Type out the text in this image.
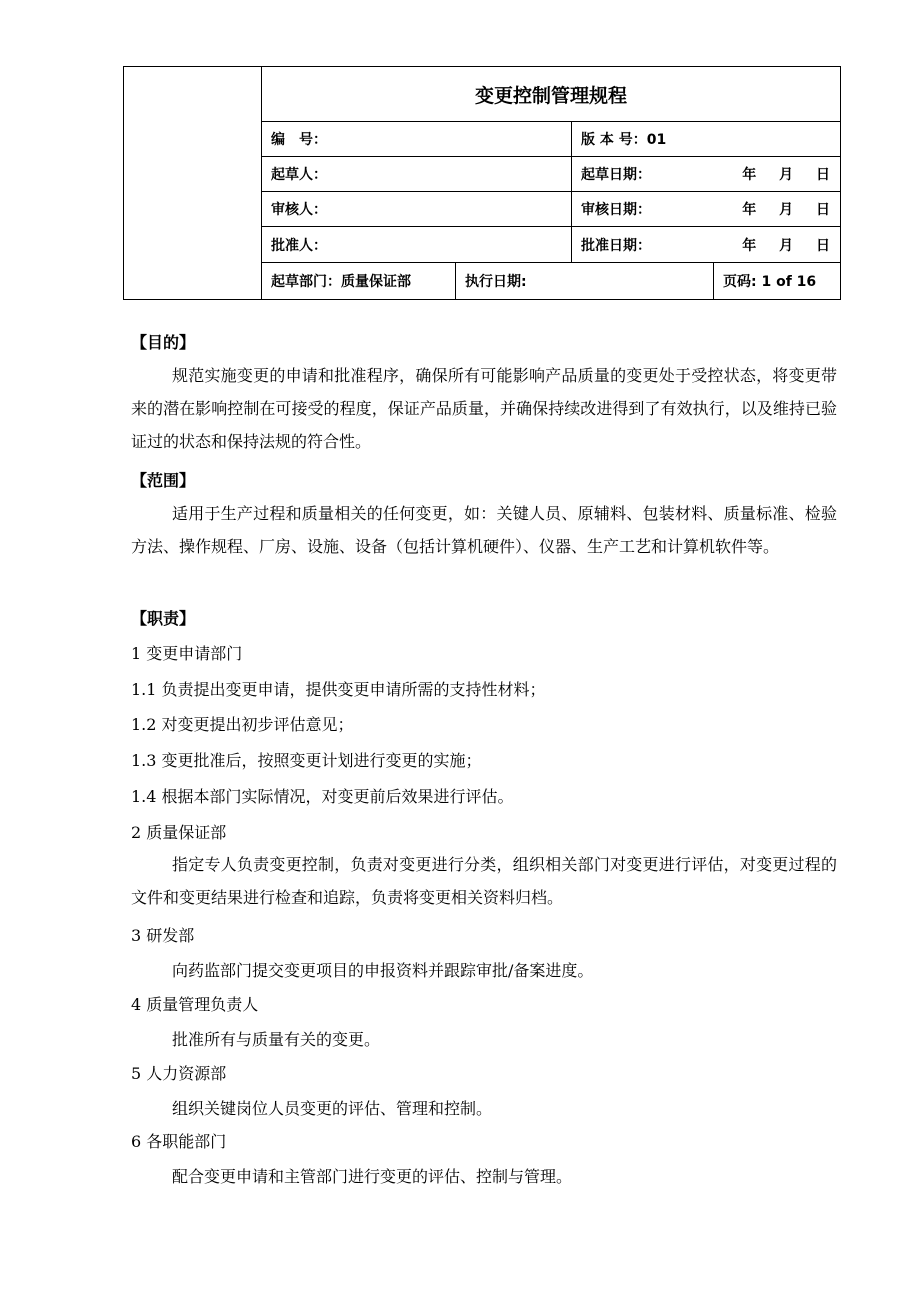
变更控制管理规程
编　号：	版 本 号：01
起草人：	起草日期：	年 月 日
审核人：	审核日期：	年 月 日
批准人：	批准日期：	年 月 日
起草部门：质量保证部	执行日期:	页码: 1 of 16
【目的】

规范实施变更的申请和批准程序，确保所有可能影响产品质量的变更处于受控状态，将变更带来的潜在影响控制在可接受的程度，保证产品质量，并确保持续改进得到了有效执行，以及维持已验证过的状态和保持法规的符合性。

【范围】

适用于生产过程和质量相关的任何变更，如：关键人员、原辅料、包装材料、质量标准、检验方法、操作规程、厂房、设施、设备（包括计算机硬件）、仪器、生产工艺和计算机软件等。

【职责】

1 变更申请部门

1.1 负责提出变更申请，提供变更申请所需的支持性材料；

1.2 对变更提出初步评估意见；

1.3 变更批准后，按照变更计划进行变更的实施；

1.4 根据本部门实际情况，对变更前后效果进行评估。

2 质量保证部

指定专人负责变更控制，负责对变更进行分类，组织相关部门对变更进行评估，对变更过程的文件和变更结果进行检查和追踪，负责将变更相关资料归档。

3 研发部

向药监部门提交变更项目的申报资料并跟踪审批/备案进度。

4 质量管理负责人

批准所有与质量有关的变更。

5 人力资源部

组织关键岗位人员变更的评估、管理和控制。

6 各职能部门

配合变更申请和主管部门进行变更的评估、控制与管理。
